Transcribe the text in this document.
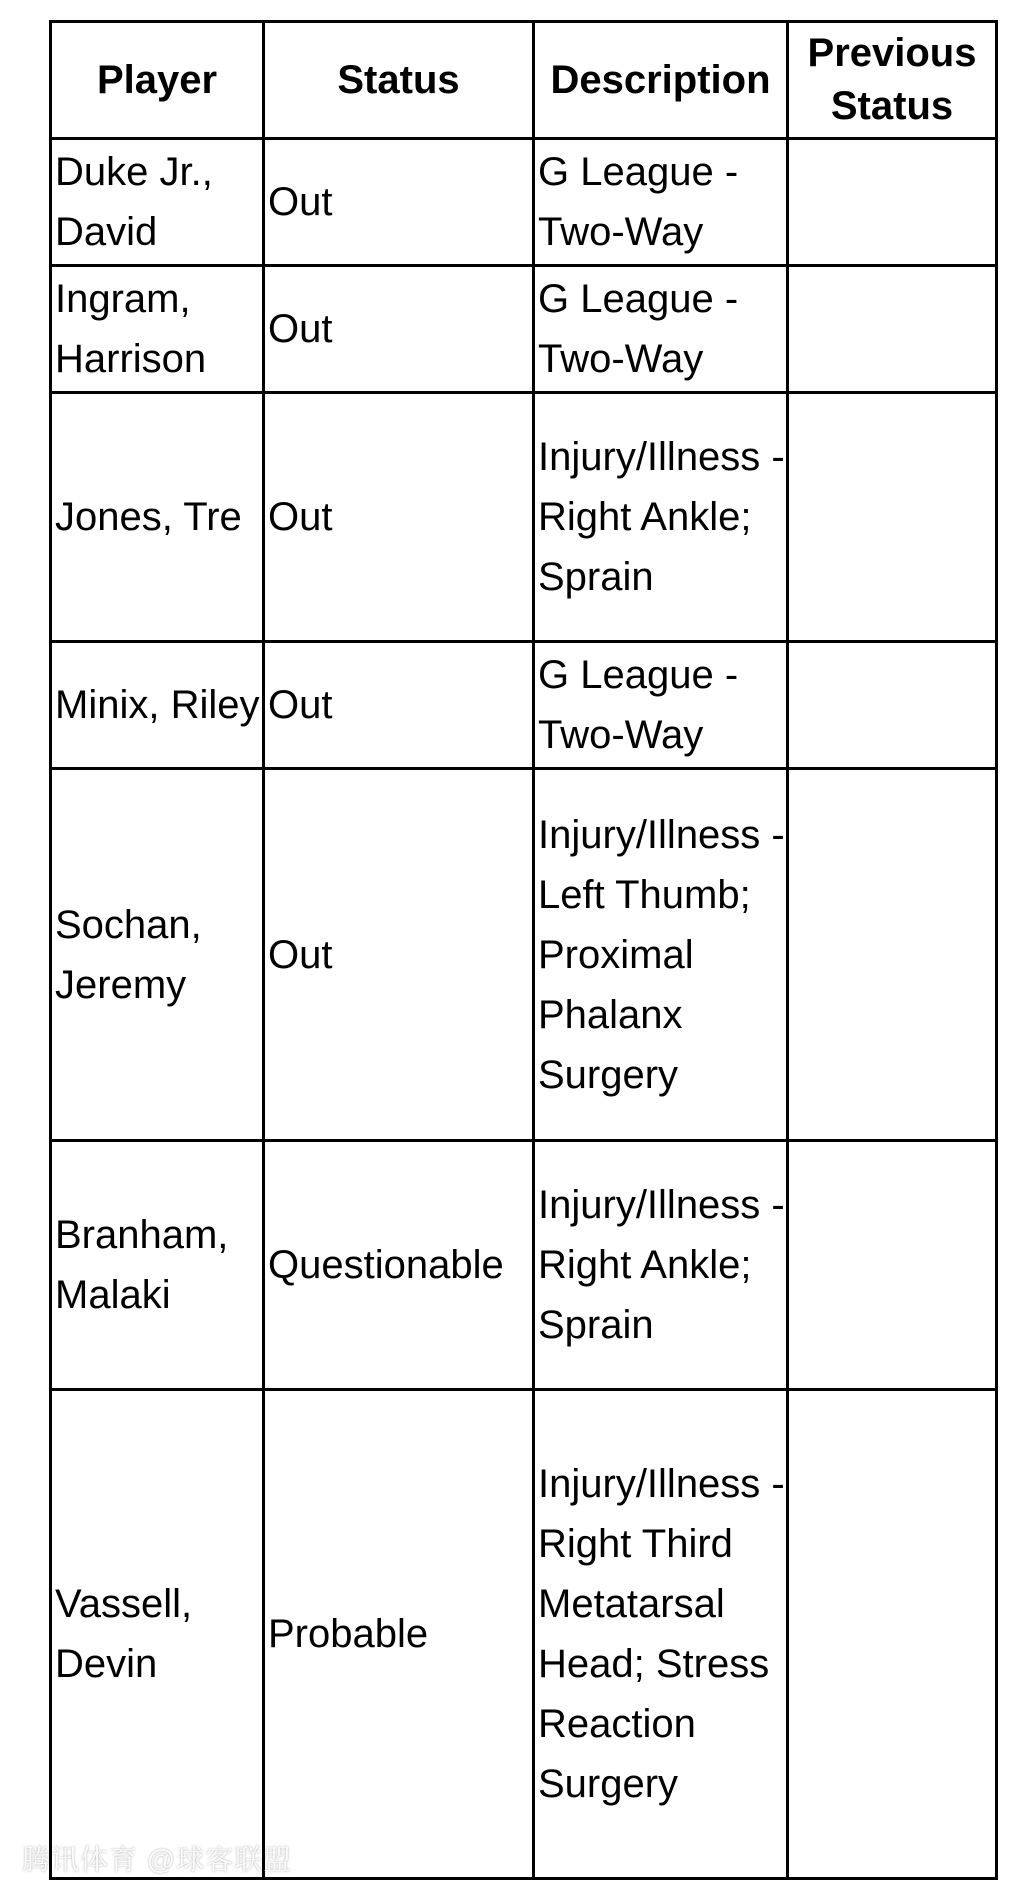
Player	Status	Description	Previous Status
Duke Jr., David	Out	G League - Two-Way	
Ingram, Harrison	Out	G League - Two-Way	
Jones, Tre	Out	Injury/Illness - Right Ankle; Sprain	
Minix, Riley	Out	G League - Two-Way	
Sochan, Jeremy	Out	Injury/Illness - Left Thumb; Proximal Phalanx Surgery	
Branham, Malaki	Questionable	Injury/Illness - Right Ankle; Sprain	
Vassell, Devin	Probable	Injury/Illness - Right Third Metatarsal Head; Stress Reaction Surgery	
腾讯体育 @球客联盟
